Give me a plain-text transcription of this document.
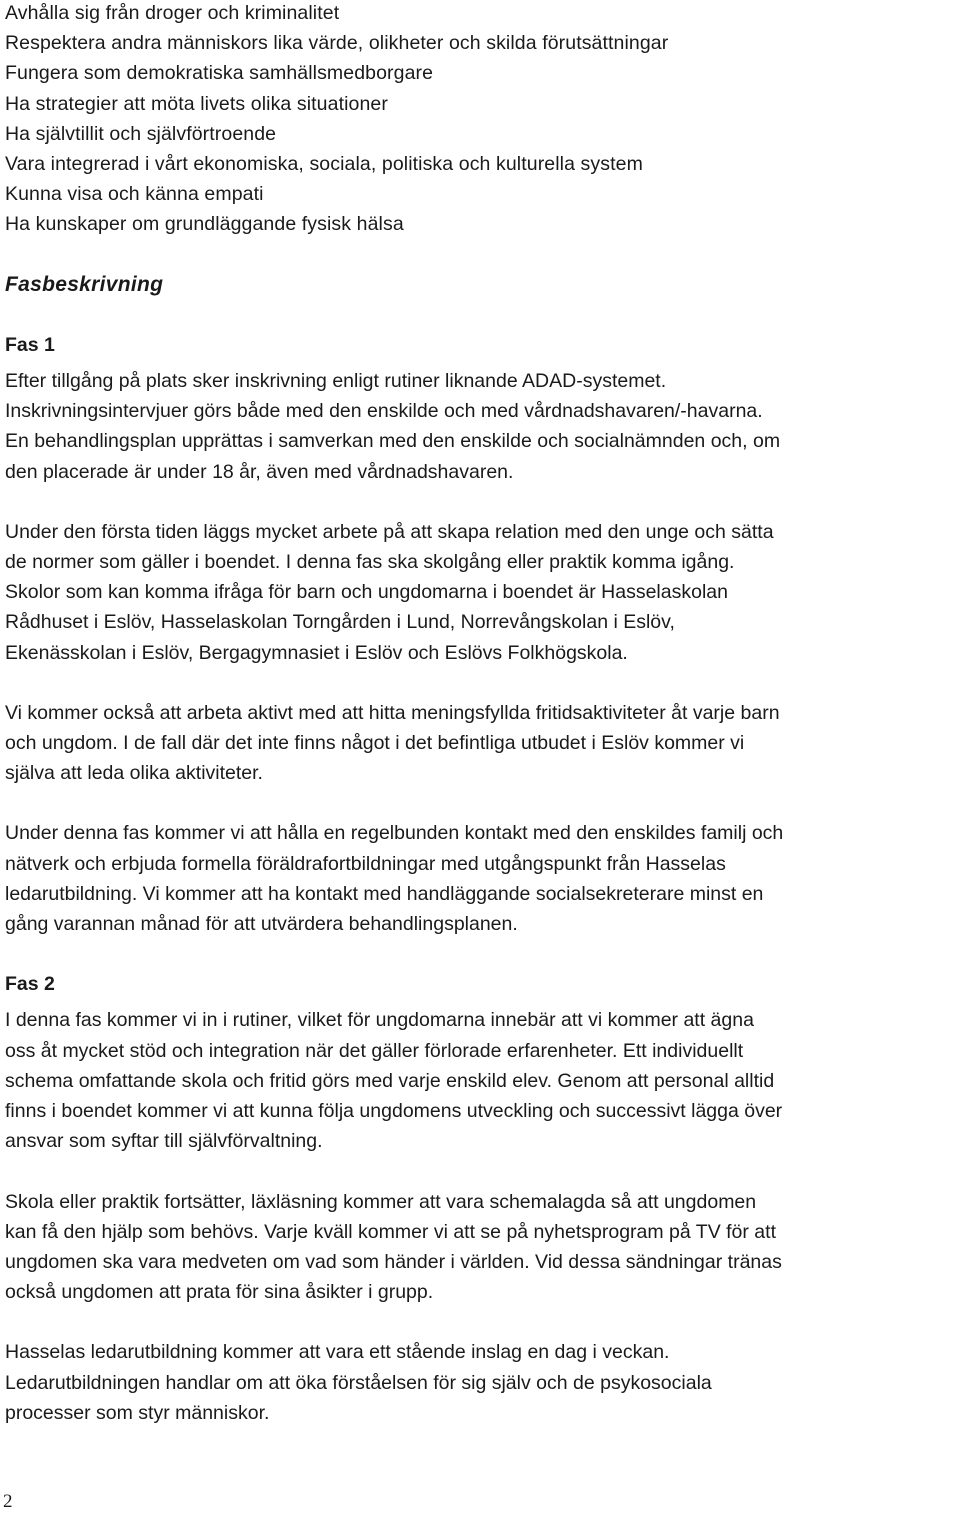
Avhålla sig från droger och kriminalitet
Respektera andra människors lika värde, olikheter och skilda förutsättningar
Fungera som demokratiska samhällsmedborgare
Ha strategier att möta livets olika situationer
Ha självtillit och självförtroende
Vara integrerad i vårt ekonomiska, sociala, politiska och kulturella system
Kunna visa och känna empati
Ha kunskaper om grundläggande fysisk hälsa
Fasbeskrivning
Fas 1
Efter tillgång på plats sker inskrivning enligt rutiner liknande ADAD-systemet.
Inskrivningsintervjuer görs både med den enskilde och med vårdnadshavaren/-havarna.
En behandlingsplan upprättas i samverkan med den enskilde och socialnämnden och, om
den placerade är under 18 år, även med vårdnadshavaren.
Under den första tiden läggs mycket arbete på att skapa relation med den unge och sätta
de normer som gäller i boendet. I denna fas ska skolgång eller praktik komma igång.
Skolor som kan komma ifråga för barn och ungdomarna i boendet är Hasselaskolan
Rådhuset i Eslöv, Hasselaskolan Torngården i Lund, Norrevångskolan i Eslöv,
Ekenässkolan i Eslöv, Bergagymnasiet i Eslöv och Eslövs Folkhögskola.
Vi kommer också att arbeta aktivt med att hitta meningsfyllda fritidsaktiviteter åt varje barn
och ungdom. I de fall där det inte finns något i det befintliga utbudet i Eslöv kommer vi
själva att leda olika aktiviteter.
Under denna fas kommer vi att hålla en regelbunden kontakt med den enskildes familj och
nätverk och erbjuda formella föräldrafortbildningar med utgångspunkt från Hasselas
ledarutbildning. Vi kommer att ha kontakt med handläggande socialsekreterare minst en
gång varannan månad för att utvärdera behandlingsplanen.
Fas 2
I denna fas kommer vi in i rutiner, vilket för ungdomarna innebär att vi kommer att ägna
oss åt mycket stöd och integration när det gäller förlorade erfarenheter. Ett individuellt
schema omfattande skola och fritid görs med varje enskild elev. Genom att personal alltid
finns i boendet kommer vi att kunna följa ungdomens utveckling och successivt lägga över
ansvar som syftar till självförvaltning.
Skola eller praktik fortsätter, läxläsning kommer att vara schemalagda så att ungdomen
kan få den hjälp som behövs. Varje kväll kommer vi att se på nyhetsprogram på TV för att
ungdomen ska vara medveten om vad som händer i världen. Vid dessa sändningar tränas
också ungdomen att prata för sina åsikter i grupp.
Hasselas ledarutbildning kommer att vara ett stående inslag en dag i veckan.
Ledarutbildningen handlar om att öka förståelsen för sig själv och de psykosociala
processer som styr människor.
2
